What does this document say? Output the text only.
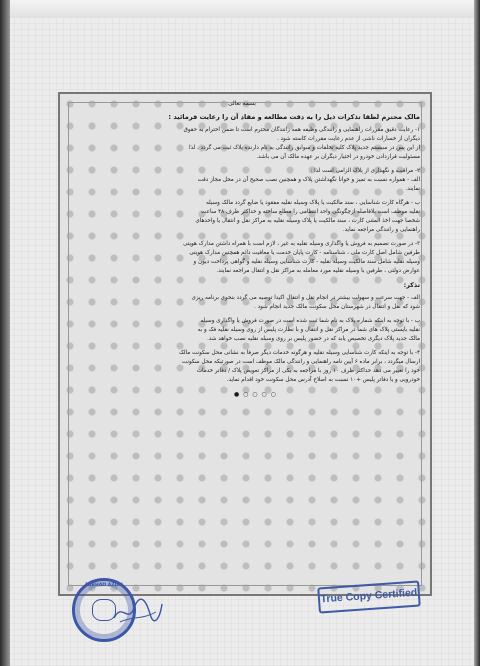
بسمه تعالی
مالک محترم لطفا تذکرات ذیل را به دقت مطالعه و مفاد آن را رعایت فرمائید :

۱- رعایت دقیق مقررات راهنمایی و رانندگی وظیفه همه رانندگان محترم است تا ضمن احترام به حقوق

دیگران از خسارات ناشی از عدم رعایت مقررات کاسته شود .

از این پس در سیستم جدید پلاک کلیه تخلفات و سوابق رانندگی به نام دارنده پلاک ثبت می گردد ، لذا

مسئولیت قراردادن خودرو در اختیار دیگران بر عهده مالک آن می باشد.

۲- مراقبت و نگهداری از پلاک الزامی است لذا :

الف - همواره نسبت به تمیز و خوانا نگهداشتن پلاک و همچنین نصب صحیح آن در محل مجاز دقت

نمایند.

ب - هرگاه کارت شناسایی ، سند مالکیت یا پلاک وسیله نقلیه مفقود یا ضایع گردد مالک وسیله

نقلیه موظف است بلافاصله ازچگونگی واحد انتظامی را مطلع ساخته و حداکثر ظرف ۴۸ ساعت

شخصا جهت اخذ المثنی کارت ، سند مالکیت یا پلاک وسیله نقلیه به مراکز نقل و انتقال یا واحدهای

راهنمایی و رانندگی مراجعه نماید.

۳- در صورت تصمیم به فروش یا واگذاری وسیله نقلیه به غیر ، لازم است با همراه داشتن مدارک هویتی

طرفین شامل اصل کارت ملی ، شناسنامه - کارت پایان خدمت یا معافیت دائم همچنین مدارک هویتی

وسیله نقلیه شامل سند مالکیت وسیله نقلیه - کارت شناسایی وسیله نقلیه و گواهی پرداخت دیون و

عوارض دولتی ، طرفین با وسیله نقلیه مورد معامله به مراکز نقل و انتقال مراجعه نمایند.

تذکر:

الف - جهت سرعت و سهولت بیشتر در انجام نقل و انتقال اکیدا توصیه می گردد بنحوی برنامه ریزی

شود که نقل و انتقال در شهرستان محل سکونت مالک جدید انجام شود .

ب - با توجه به اینکه شماره پلاک به نام شما ثبت شده است در صورت فروش یا واگذاری وسیله

نقلیه بایستی پلاک های شما در مراکز نقل و انتقال و با نظارت پلیس از روی وسیله نقلیه فک و به

مالک جدید پلاک دیگری تخصیص یابد که در حضور پلیس بر روی وسیله نقلیه نصب خواهد شد.

۴- با توجه به اینکه کارت شناسایی وسیله نقلیه و هرگونه خدمات دیگر صرفا به نشانی محل سکونت مالک

ارسال میگردد ، برابر ماده ۶ آیین نامه راهنمایی و رانندگی مالک موظف است در صورتیکه محل سکونت

خود را تغییر می دهد حداکثر ظرف ۱۰ روز با مراجعه به یکی از مراکز تعویض پلاک / دفاتر خدمات

خودرویی و یا دفاتر پلیس +۱۰ نسبت به اصلاح آدرس محل سکونت خود اقدام نماید.

● ○ ○ ○ ○
FARHAD AZIMI
True Copy Certified
